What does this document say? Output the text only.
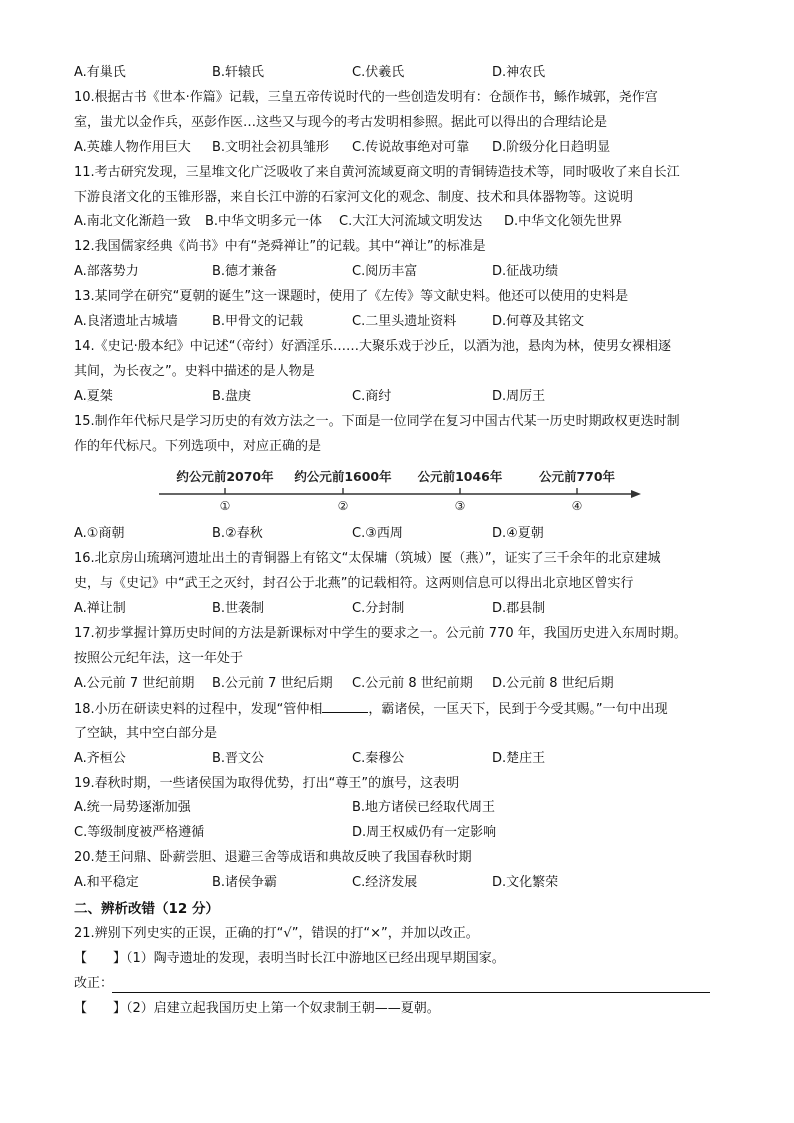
A.有巢氏	B.轩辕氏	C.伏羲氏	D.神农氏
10.根据古书《世本·作篇》记载，三皇五帝传说时代的一些创造发明有：仓颉作书，鲧作城郭，尧作宫
室，蚩尤以金作兵，巫彭作医…这些又与现今的考古发明相参照。据此可以得出的合理结论是
A.英雄人物作用巨大 B.文明社会初具雏形 C.传说故事绝对可靠 D.阶级分化日趋明显
11.考古研究发现，三星堆文化广泛吸收了来自黄河流域夏商文明的青铜铸造技术等，同时吸收了来自长江
下游良渚文化的玉锥形器，来自长江中游的石家河文化的观念、制度、技术和具体器物等。这说明
A.南北文化渐趋一致 B.中华文明多元一体 C.大江大河流域文明发达 D.中华文化领先世界
12.我国儒家经典《尚书》中有“尧舜禅让”的记载。其中“禅让”的标准是
A.部落势力	B.德才兼备	C.阅历丰富	D.征战功绩
13.某同学在研究“夏朝的诞生”这一课题时，使用了《左传》等文献史料。他还可以使用的史料是
A.良渚遗址古城墙	B.甲骨文的记载	C.二里头遗址资料	D.何尊及其铭文
14.《史记·殷本纪》中记述“（帝纣）好酒淫乐……大聚乐戏于沙丘，以酒为池，悬肉为林，使男女裸相逐
其间，为长夜之”。史料中描述的是人物是
A.夏桀	B.盘庚	C.商纣	D.周厉王
15.制作年代标尺是学习历史的有效方法之一。下面是一位同学在复习中国古代某一历史时期政权更迭时制
作的年代标尺。下列选项中，对应正确的是
约公元前2070年
①
约公元前1600年
②
公元前1046年
③
公元前770年
④
A.①商朝	B.②春秋	C.③西周	D.④夏朝
16.北京房山琉璃河遗址出土的青铜器上有铭文“太保墉（筑城）匽（燕）”，证实了三千余年的北京建城
史，与《史记》中“武王之灭纣，封召公于北燕”的记载相符。这两则信息可以得出北京地区曾实行
A.禅让制	B.世袭制	C.分封制	D.郡县制
17.初步掌握计算历史时间的方法是新课标对中学生的要求之一。公元前 770 年，我国历史进入东周时期。
按照公元纪年法，这一年处于
A.公元前 7 世纪前期 B.公元前 7 世纪后期 C.公元前 8 世纪前期 D.公元前 8 世纪后期
18.小历在研读史料的过程中，发现“管仲相	，霸诸侯，一匡天下，民到于今受其赐。”一句中出现
了空缺，其中空白部分是
A.齐桓公	B.晋文公	C.秦穆公	D.楚庄王
19.春秋时期，一些诸侯国为取得优势，打出“尊王”的旗号，这表明
A.统一局势逐渐加强	B.地方诸侯已经取代周王
C.等级制度被严格遵循	D.周王权威仍有一定影响
20.楚王问鼎、卧薪尝胆、退避三舍等成语和典故反映了我国春秋时期
A.和平稳定	B.诸侯争霸	C.经济发展	D.文化繁荣
二、辨析改错（12 分）
21.辨别下列史实的正误，正确的打“√”，错误的打“×”，并加以改正。
【　　】（1）陶寺遗址的发现，表明当时长江中游地区已经出现早期国家。
改正：
【　　】（2）启建立起我国历史上第一个奴隶制王朝——夏朝。
